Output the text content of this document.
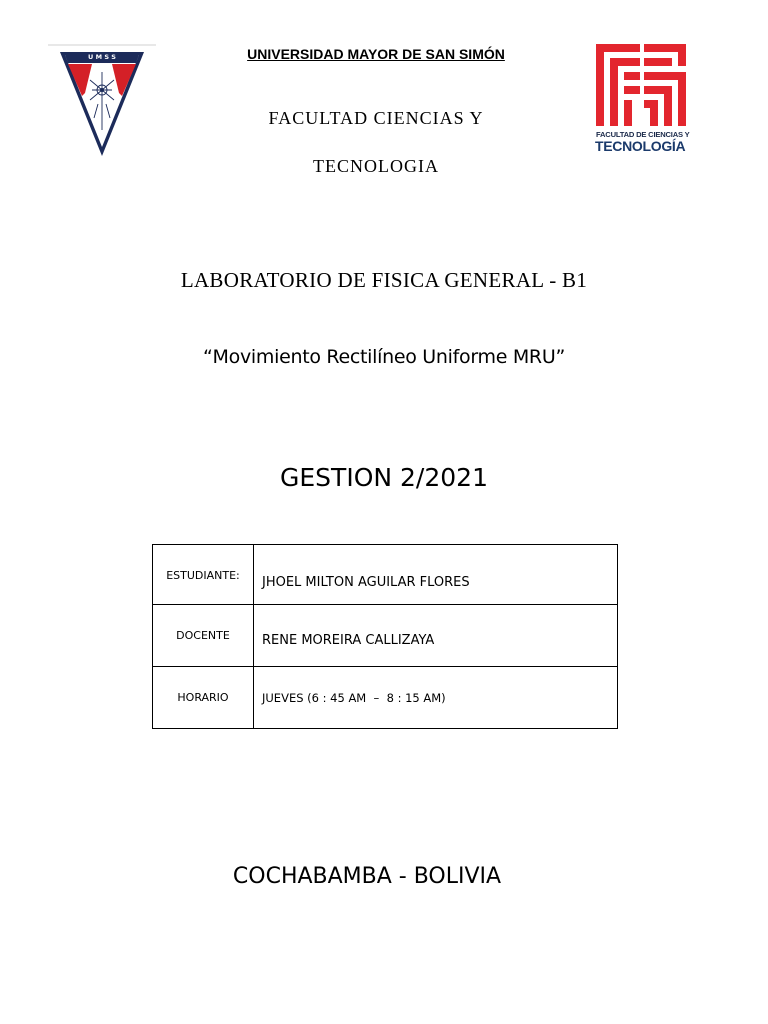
U M S S	UNIVERSIDAD MAYOR DE SAN SIMÓN
FACULTAD CIENCIAS Y
TECNOLOGIA
FACULTAD DE CIENCIAS Y
TECNOLOGÍA
LABORATORIO DE FISICA GENERAL - B1
“Movimiento Rectilíneo Uniforme MRU”
GESTION 2/2021
ESTUDIANTE:	JHOEL MILTON AGUILAR FLORES
DOCENTE	RENE MOREIRA CALLIZAYA
HORARIO	JUEVES (6 : 45 AM  –  8 : 15 AM)
COCHABAMBA - BOLIVIA
